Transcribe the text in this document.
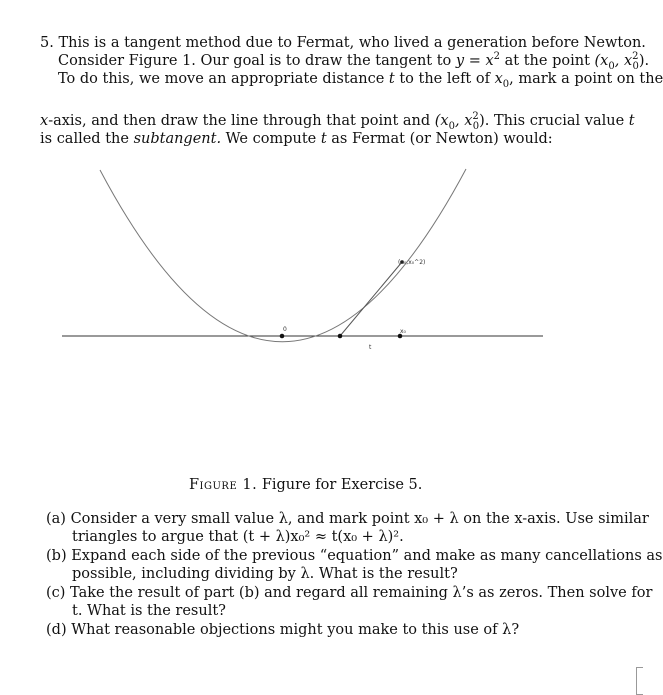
5. This is a tangent method due to Fermat, who lived a generation before Newton.
Consider Figure 1. Our goal is to draw the tangent to $y = x^2$ at the point ($x_0$, $x^2_0$).
To do this, we move an appropriate distance t to the left of $x_0$, mark a point on the
x-axis, and then draw the line through that point and ($x_0$, $x^2_0$). This crucial value t
is called the subtangent. We compute t as Fermat (or Newton) would:
0
(x₀,x₀^2)
x₀
t
Figure 1. Figure for Exercise 5.
(a) Consider a very small value λ, and mark point x₀ + λ on the x-axis. Use similar
triangles to argue that (t + λ)x₀² ≈ t(x₀ + λ)².
(b) Expand each side of the previous “equation” and make as many cancellations as
possible, including dividing by λ. What is the result?
(c) Take the result of part (b) and regard all remaining λ’s as zeros. Then solve for
t. What is the result?
(d) What reasonable objections might you make to this use of λ?
